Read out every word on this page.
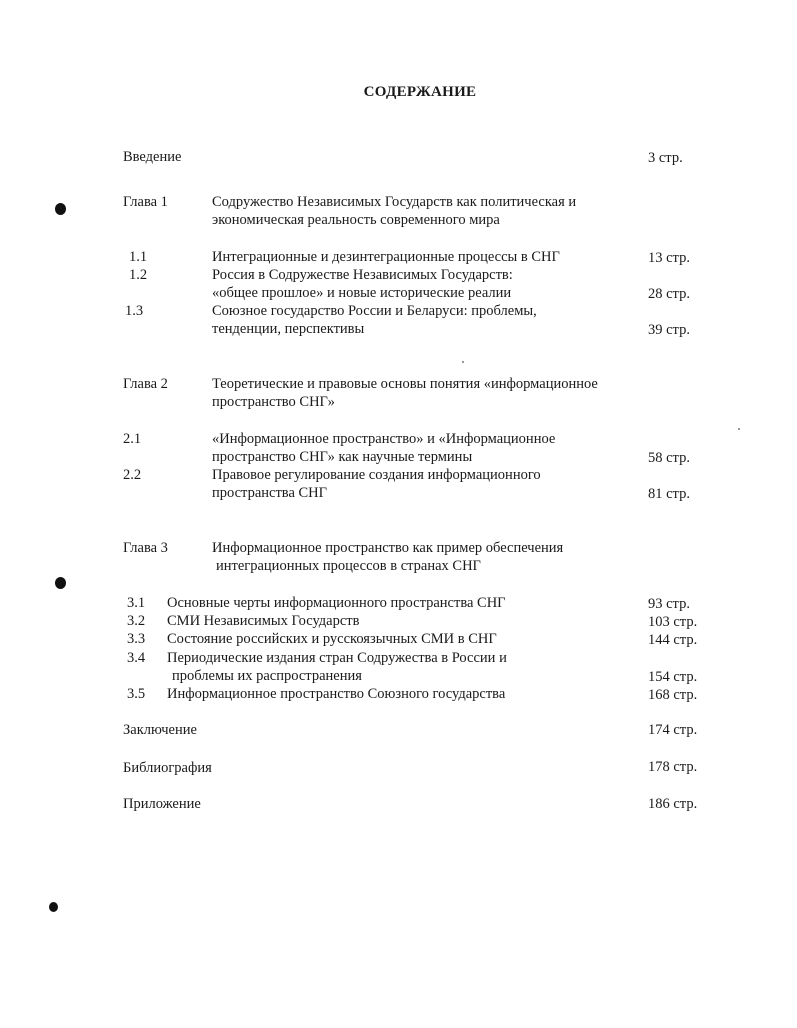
СОДЕРЖАНИЕ
Введение	3 стр.
Глава 1	Содружество Независимых Государств как политическая и
экономическая реальность современного мира
1.1	Интеграционные и дезинтеграционные процессы в СНГ	13 стр.
1.2	Россия в Содружестве Независимых Государств:
«общее прошлое» и новые исторические реалии	28 стр.
1.3	Союзное государство России и Беларуси: проблемы,
тенденции, перспективы	39 стр.
Глава 2	Теоретические и правовые основы понятия «информационное
пространство СНГ»
2.1	«Информационное пространство» и «Информационное
пространство СНГ» как научные термины	58 стр.
2.2	Правовое регулирование создания информационного
пространства СНГ	81 стр.
Глава 3	Информационное пространство как пример обеспечения
интеграционных процессов в странах СНГ
3.1 Основные черты информационного пространства СНГ	93 стр.
3.2 СМИ Независимых Государств	103 стр.
3.3 Состояние российских и русскоязычных СМИ в СНГ	144 стр.
3.4 Периодические издания стран Содружества в России и
проблемы их распространения	154 стр.
3.5 Информационное пространство Союзного государства	168 стр.
Заключение	174 стр.
Библиография	178 стр.
Приложение	186 стр.
